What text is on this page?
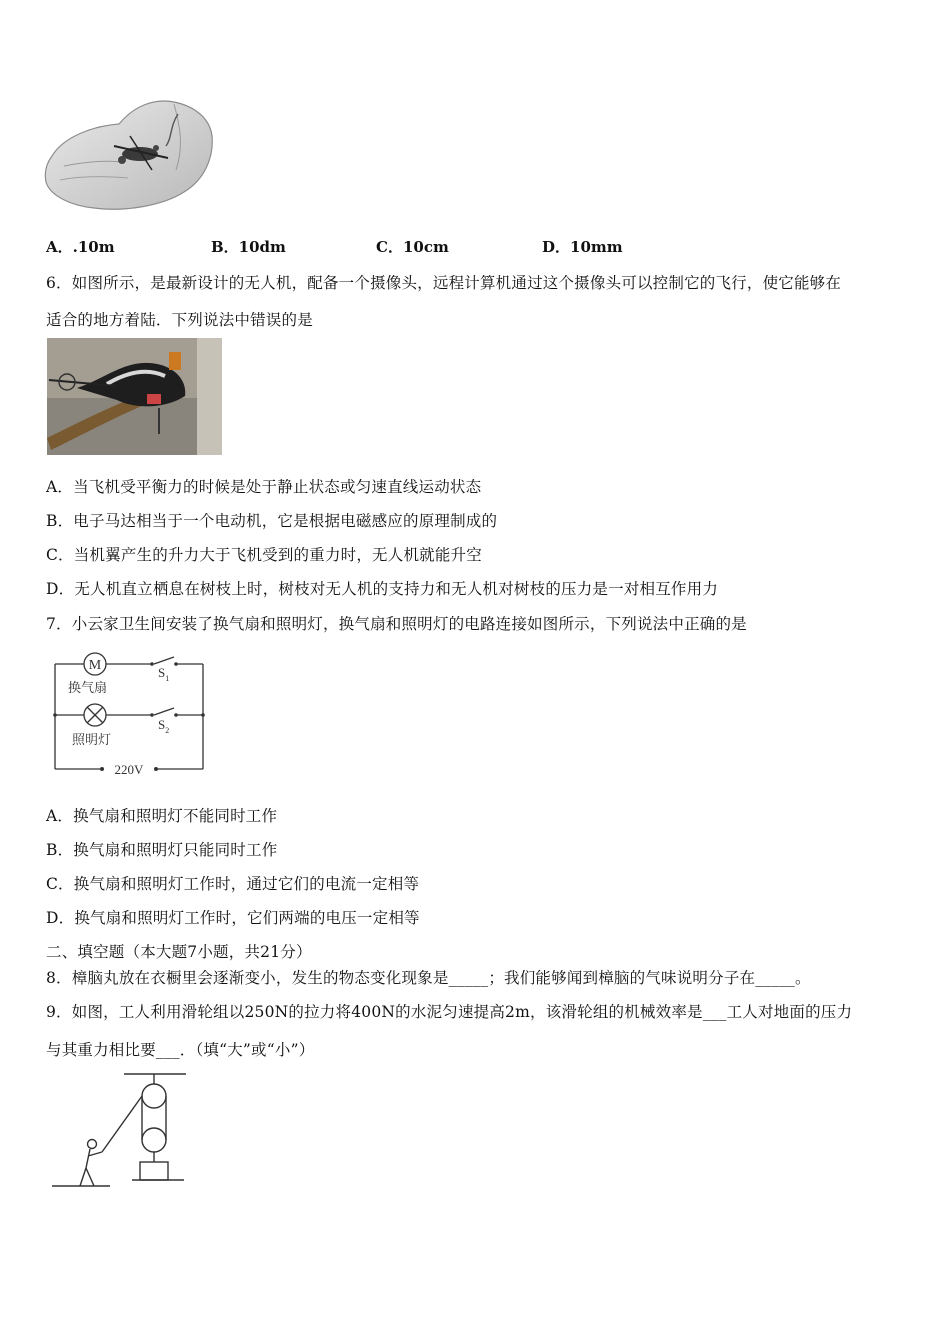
A．.10m	B．10dm	C．10cm	D．10mm
6．如图所示，是最新设计的无人机，配备一个摄像头，远程计算机通过这个摄像头可以控制它的飞行，使它能够在
适合的地方着陆．下列说法中错误的是
A．当飞机受平衡力的时候是处于静止状态或匀速直线运动状态
B．电子马达相当于一个电动机，它是根据电磁感应的原理制成的
C．当机翼产生的升力大于飞机受到的重力时，无人机就能升空
D．无人机直立栖息在树枝上时，树枝对无人机的支持力和无人机对树枝的压力是一对相互作用力
7．小云家卫生间安装了换气扇和照明灯，换气扇和照明灯的电路连接如图所示，下列说法中正确的是
M
换气扇
照明灯
$S_1$
$S_2$
220V
A．换气扇和照明灯不能同时工作
B．换气扇和照明灯只能同时工作
C．换气扇和照明灯工作时，通过它们的电流一定相等
D．换气扇和照明灯工作时，它们两端的电压一定相等
二、填空题（本大题7小题，共21分）
8．樟脑丸放在衣橱里会逐渐变小，发生的物态变化现象是_____；我们能够闻到樟脑的气味说明分子在_____。
9．如图，工人利用滑轮组以250N的拉力将400N的水泥匀速提高2m，该滑轮组的机械效率是___工人对地面的压力
与其重力相比要___．（填“大”或“小”）
